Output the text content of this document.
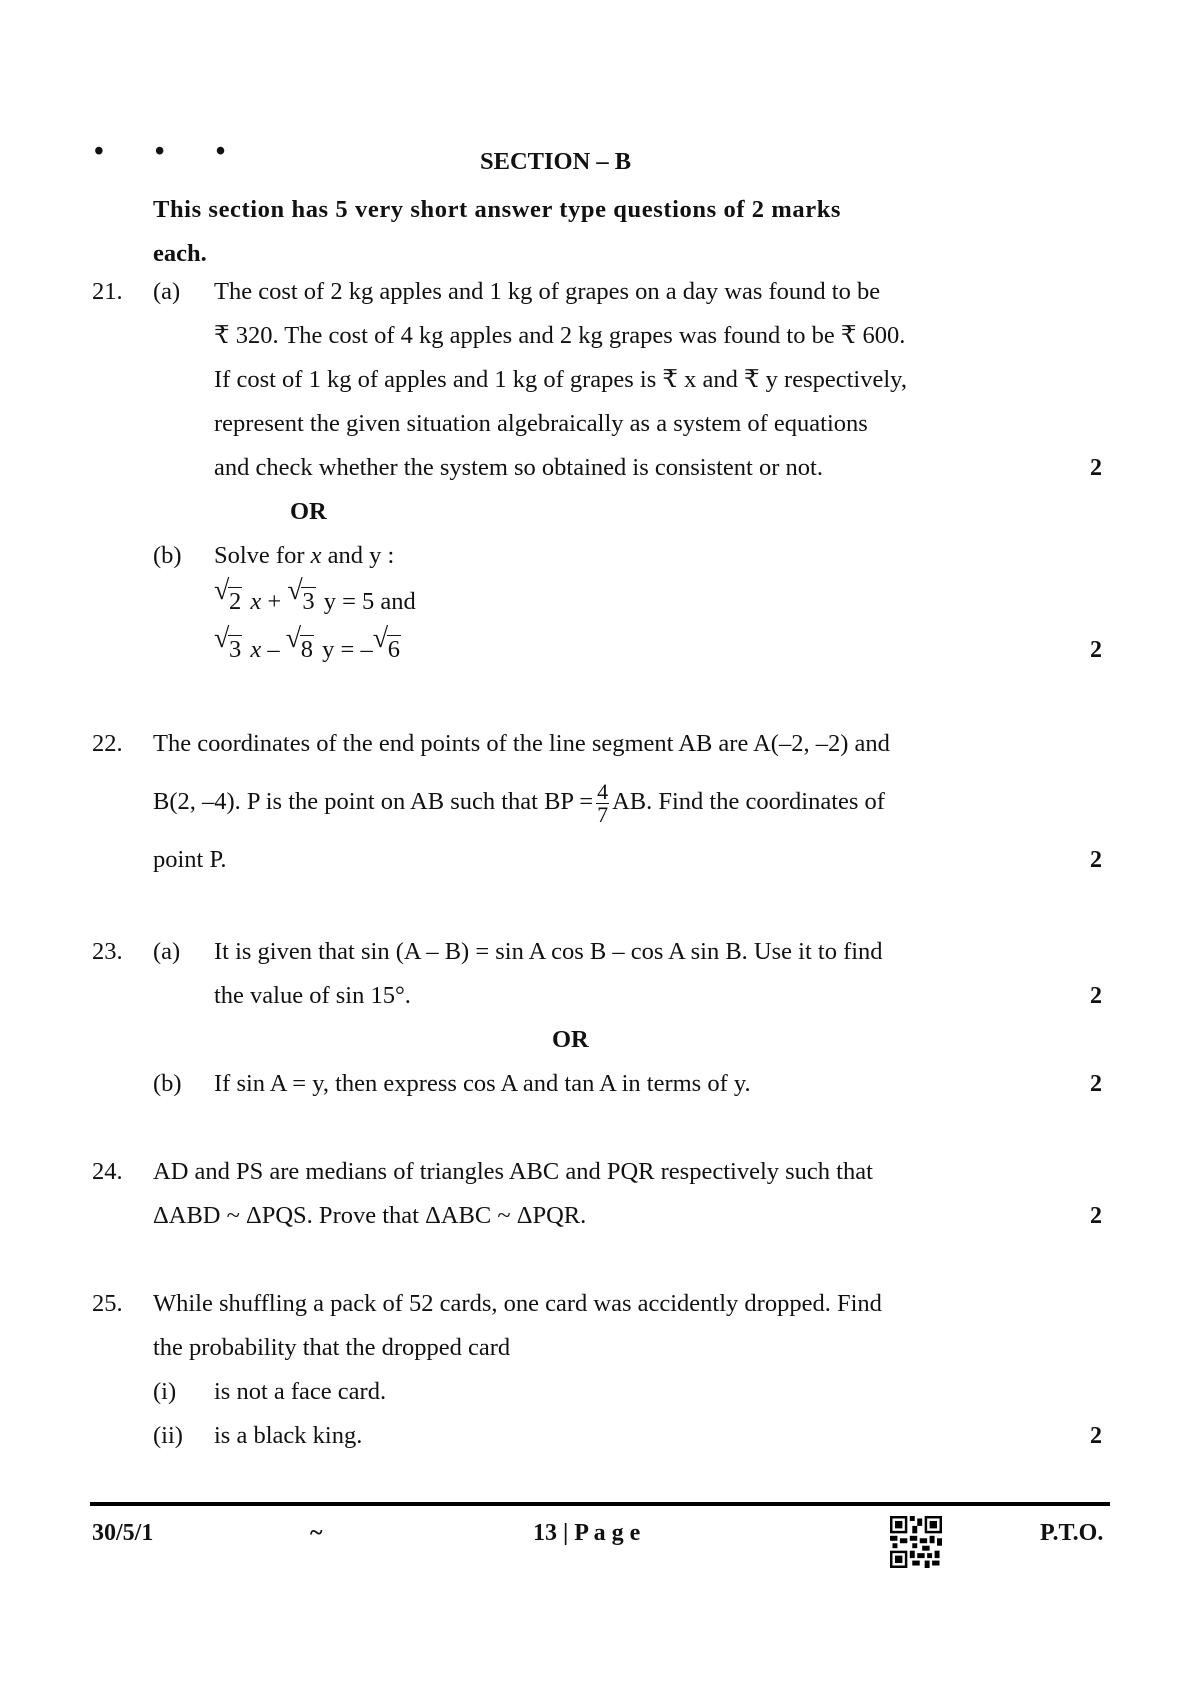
• • •	SECTION – B
This section has 5 very short answer type questions of 2 marks
each.
21. (a) The cost of 2 kg apples and 1 kg of grapes on a day was found to be
₹ 320. The cost of 4 kg apples and 2 kg grapes was found to be ₹ 600.
If cost of 1 kg of apples and 1 kg of grapes is ₹ x and ₹ y respectively,
represent the given situation algebraically as a system of equations
and check whether the system so obtained is consistent or not.	2
OR
(b) Solve for x and y :
√ 2 x + √ 3 y = 5 and
√ 3 x – √ 8 y = – √ 6	2
22. The coordinates of the end points of the line segment AB are A(–2, –2) and
B(2, –4). P is the point on AB such that BP = $\frac{4}{7}$ AB. Find the coordinates of
point P.	2
23. (a) It is given that sin (A – B) = sin A cos B – cos A sin B. Use it to find
the value of sin 15°.	2
OR
(b) If sin A = y, then express cos A and tan A in terms of y.	2
24. AD and PS are medians of triangles ABC and PQR respectively such that
ΔABD ~ ΔPQS. Prove that ΔABC ~ ΔPQR.	2
25. While shuffling a pack of 52 cards, one card was accidently dropped. Find
the probability that the dropped card
(i) is not a face card.
(ii) is a black king.	2
30/5/1	~	13 | P a g e	P.T.O.
